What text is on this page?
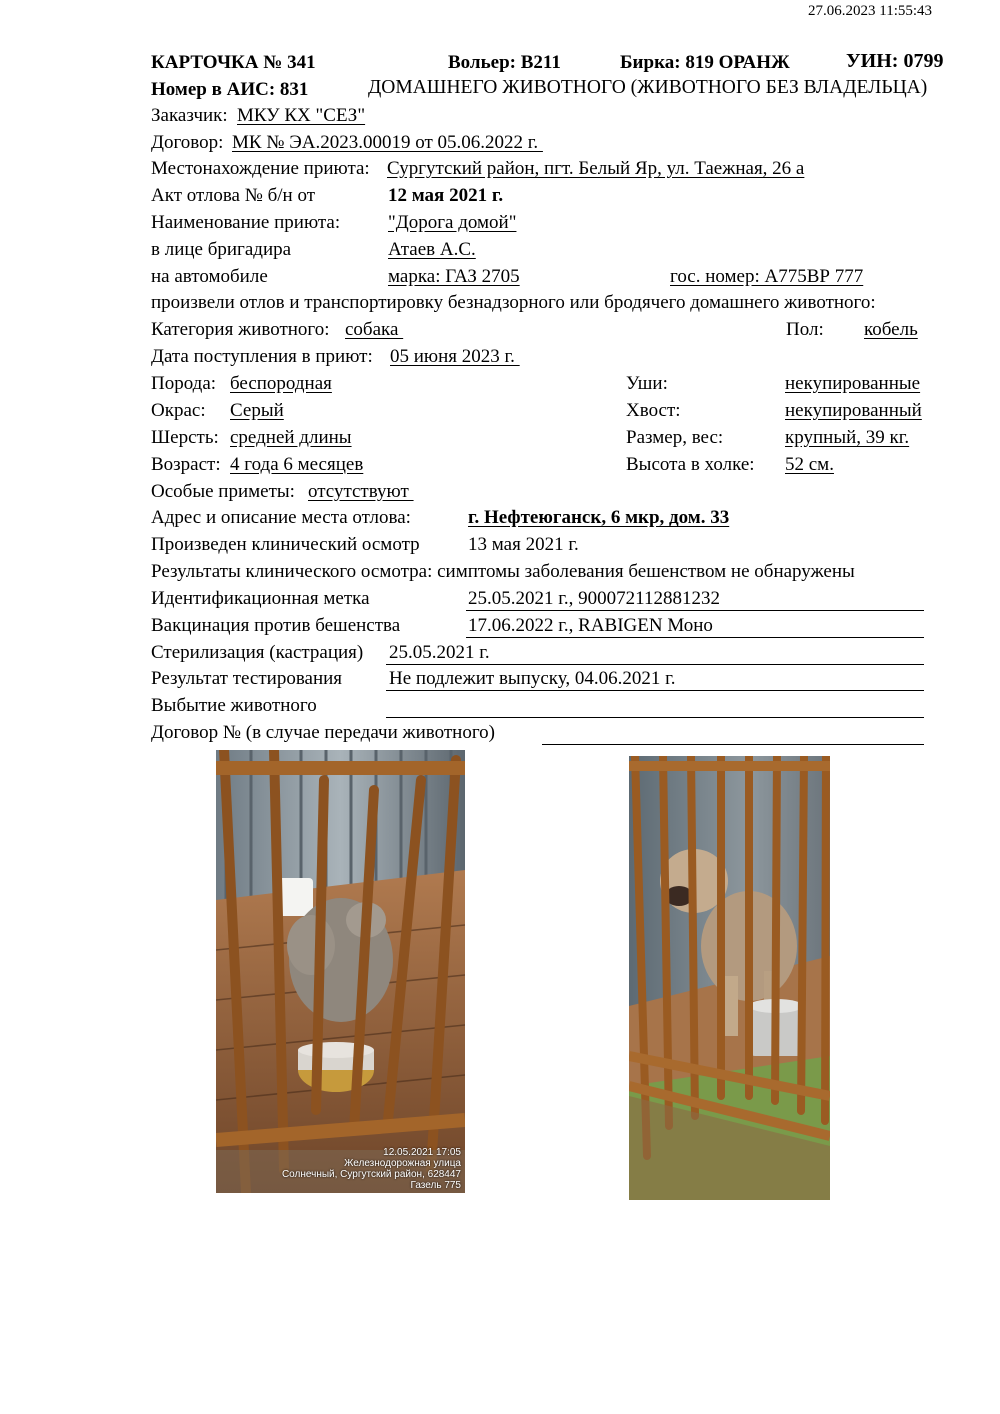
27.06.2023 11:55:43
КАРТОЧКА № 341	Вольер: В211	Бирка: 819 ОРАНЖ	УИН: 0799
Номер в АИС: 831	ДОМАШНЕГО ЖИВОТНОГО (ЖИВОТНОГО БЕЗ ВЛАДЕЛЬЦА)
Заказчик: МКУ КХ "СЕЗ"
Договор: МК № ЭА.2023.00019 от 05.06.2022 г.
Местонахождение приюта: Сургутский район, пгт. Белый Яр, ул. Таежная, 26 а
Акт отлова № б/н от	12 мая 2021 г.
Наименование приюта:	"Дорога домой"
в лице бригадира	Атаев А.С.
на автомобиле	марка: ГАЗ 2705	гос. номер: А775ВР 777
произвели отлов и транспортировку безнадзорного или бродячего домашнего животного:
Категория животного: собака	Пол: кобель
Дата поступления в приют: 05 июня 2023 г.
Порода: беспородная	Уши:	некупированные
Окрас: Серый	Хвост:	некупированный
Шерсть: средней длины	Размер, вес:	крупный, 39 кг.
Возраст: 4 года 6 месяцев	Высота в холке: 52 см.
Особые приметы: отсутствуют
Адрес и описание места отлова:	г. Нефтеюганск, 6 мкр, дом. 33
Произведен клинический осмотр	13 мая 2021 г.
Результаты клинического осмотра: симптомы заболевания бешенством не обнаружены
Идентификационная метка	25.05.2021 г., 900072112881232
Вакцинация против бешенства	17.06.2022 г., RABIGEN Моно
Стерилизация (кастрация) 25.05.2021 г.
Результат тестирования Не подлежит выпуску, 04.06.2021 г.
Выбытие животного
Договор № (в случае передачи животного)
12.05.2021 17:05
Железнодорожная улица
Солнечный, Сургутский район, 628447
Газель 775
